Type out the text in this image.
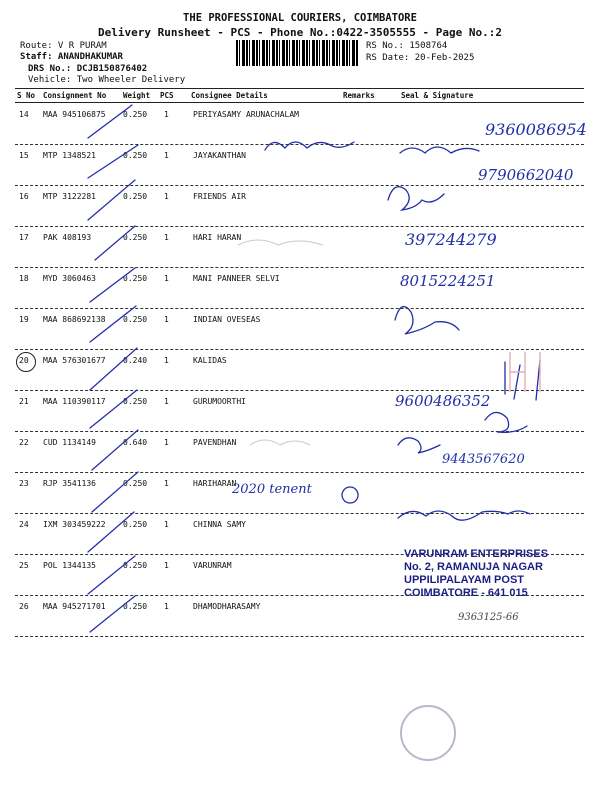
THE PROFESSIONAL COURIERS, COIMBATORE
Delivery Runsheet - PCS - Phone No.:0422-3505555 - Page No.:2
Route: V R PURAM
Staff: ANANDHAKUMAR
DRS No.: DCJB150876402
Vehicle: Two Wheeler Delivery
RS No.: 1508764
RS Date: 20-Feb-2025
S No Consignment No Weight PCS Consignee Details	Remarks	Seal & Signature
14 MAA 945106875 0.250 1	PERIYASAMY ARUNACHALAM
15 MTP 1348521	0.250 1	JAYAKANTHAN
16 MTP 3122281	0.250 1	FRIENDS AIR
17 PAK 408193	0.250 1	HARI HARAN
18 MYD 3060463	0.250 1	MANI PANNEER SELVI
19 MAA 868692138 0.250 1	INDIAN OVESEAS
20 MAA 576301677 0.240 1	KALIDAS
21 MAA 110390117 0.250 1	GURUMOORTHI
22 CUD 1134149	0.640 1	PAVENDHAN
23 RJP 3541136	0.250 1	HARIHARAN
24 IXM 303459222 0.250 1	CHINNA SAMY
25 POL 1344135	0.250 1	VARUNRAM
26 MAA 945271701 0.250 1	DHAMODHARASAMY
9360086954
9790662040
397244279
8015224251
9600486352
9443567620
2020 tenent
9363125-66
VARUNRAM ENTERPRISES
No. 2, RAMANUJA NAGAR
UPPILIPALAYAM POST
COIMBATORE - 641 015
